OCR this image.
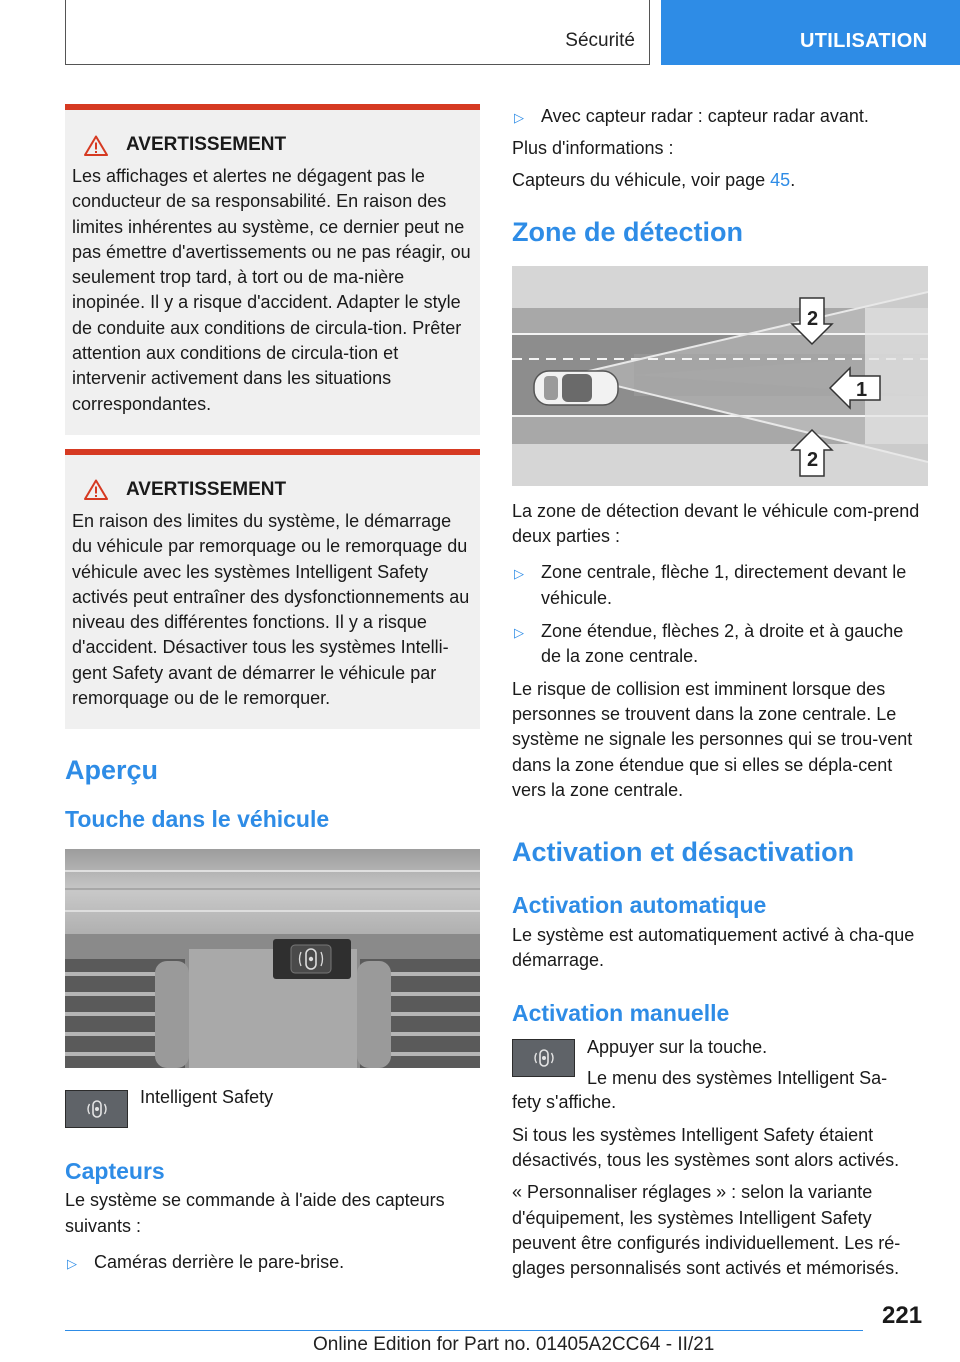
Sécurité	UTILISATION
AVERTISSEMENT

Les affichages et alertes ne dégagent pas le conducteur de sa responsabilité. En raison des limites inhérentes au système, ce dernier peut ne pas émettre d'avertissements ou ne pas réagir, ou seulement trop tard, à tort ou de ma-nière inopinée. Il y a risque d'accident. Adapter le style de conduite aux conditions de circula-tion. Prêter attention aux conditions de circula-tion et intervenir activement dans les situations correspondantes.

AVERTISSEMENT

En raison des limites du système, le démarrage du véhicule par remorquage ou le remorquage du véhicule avec les systèmes Intelligent Safety activés peut entraîner des dysfonctionnements au niveau des différentes fonctions. Il y a risque d'accident. Désactiver tous les systèmes Intelli-gent Safety avant de démarrer le véhicule par remorquage ou de le remorquer.

Aperçu
Touche dans le véhicule
Intelligent Safety
Capteurs

Le système se commande à l'aide des capteurs suivants :

▷ Caméras derrière le pare-brise.
▷ Avec capteur radar : capteur radar avant.

Plus d'informations :

Capteurs du véhicule, voir page 45.

Zone de détection
1
2
2

La zone de détection devant le véhicule com-prend deux parties :

▷ Zone centrale, flèche 1, directement devant le véhicule.
▷ Zone étendue, flèches 2, à droite et à gauche de la zone centrale.

Le risque de collision est imminent lorsque des personnes se trouvent dans la zone centrale. Le système ne signale les personnes qui se trou-vent dans la zone étendue que si elles se dépla-cent vers la zone centrale.

Activation et désactivation
Activation automatique

Le système est automatiquement activé à cha-que démarrage.

Activation manuelle

Appuyer sur la touche.

Le menu des systèmes Intelligent Sa-

fety s'affiche.

Si tous les systèmes Intelligent Safety étaient désactivés, tous les systèmes sont alors activés.

« Personnaliser réglages » : selon la variante d'équipement, les systèmes Intelligent Safety peuvent être configurés individuellement. Les ré-glages personnalisés sont activés et mémorisés.

221
Online Edition for Part no. 01405A2CC64 - II/21
